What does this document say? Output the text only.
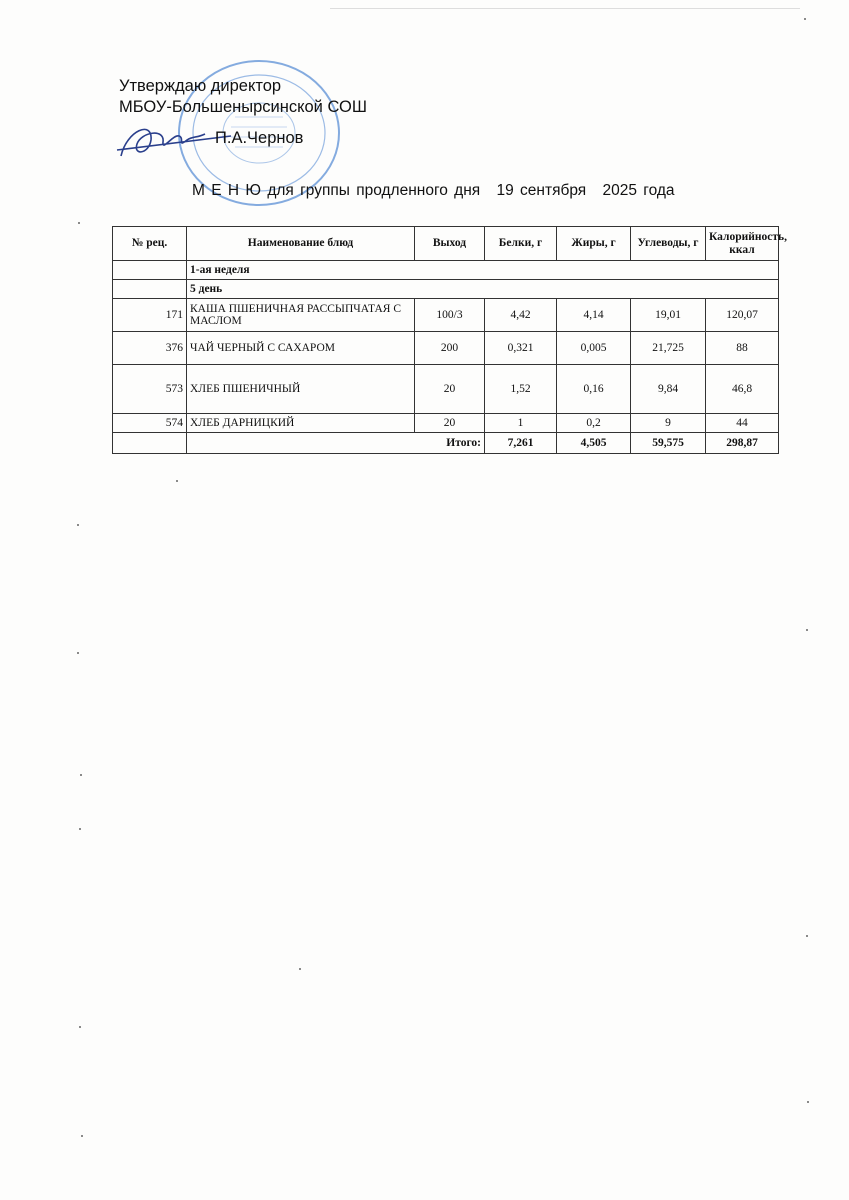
Утверждаю директор
МБОУ-Большенырсинской СОШ
П.А.Чернов
М Е Н Ю для группы продленного дня 19 сентября 2025 года
№ рец.	Наименование блюд	Выход	Белки, г	Жиры, г	Углеводы, г	Калорийность, ккал
	1-ая неделя					
	5 день					
171	КАША ПШЕНИЧНАЯ РАССЫПЧАТАЯ С МАСЛОМ	100/3	4,42	4,14	19,01	120,07
376	ЧАЙ ЧЕРНЫЙ С САХАРОМ	200	0,321	0,005	21,725	88
573	ХЛЕБ ПШЕНИЧНЫЙ	20	1,52	0,16	9,84	46,8
574	ХЛЕБ ДАРНИЦКИЙ	20	1	0,2	9	44
	Итого:		7,261	4,505	59,575	298,87
